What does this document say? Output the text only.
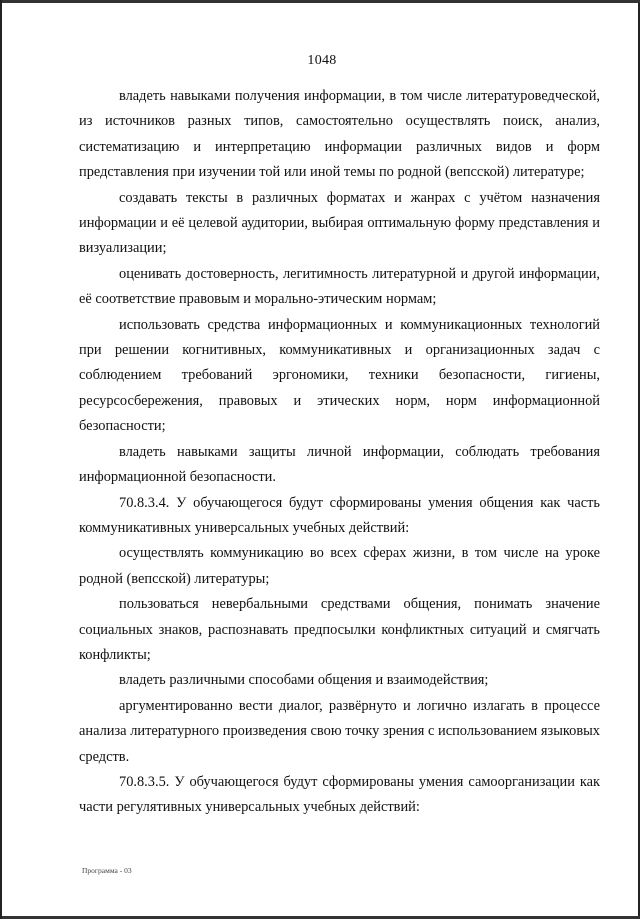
1048

владеть навыками получения информации, в том числе литературоведческой, из источников разных типов, самостоятельно осуществлять поиск, анализ, систематизацию и интерпретацию информации различных видов и форм представления при изучении той или иной темы по родной (вепсской) литературе;

создавать тексты в различных форматах и жанрах с учётом назначения информации и её целевой аудитории, выбирая оптимальную форму представления и визуализации;

оценивать достоверность, легитимность литературной и другой информации, её соответствие правовым и морально-этическим нормам;

использовать средства информационных и коммуникационных технологий при решении когнитивных, коммуникативных и организационных задач с соблюдением требований эргономики, техники безопасности, гигиены, ресурсосбережения, правовых и этических норм, норм информационной безопасности;

владеть навыками защиты личной информации, соблюдать требования информационной безопасности.

70.8.3.4. У обучающегося будут сформированы умения общения как часть коммуникативных универсальных учебных действий:

осуществлять коммуникацию во всех сферах жизни, в том числе на уроке родной (вепсской) литературы;

пользоваться невербальными средствами общения, понимать значение социальных знаков, распознавать предпосылки конфликтных ситуаций и смягчать конфликты;

владеть различными способами общения и взаимодействия;

аргументированно вести диалог, развёрнуто и логично излагать в процессе анализа литературного произведения свою точку зрения с использованием языковых средств.

70.8.3.5. У обучающегося будут сформированы умения самоорганизации как части регулятивных универсальных учебных действий:

Программа - 03
